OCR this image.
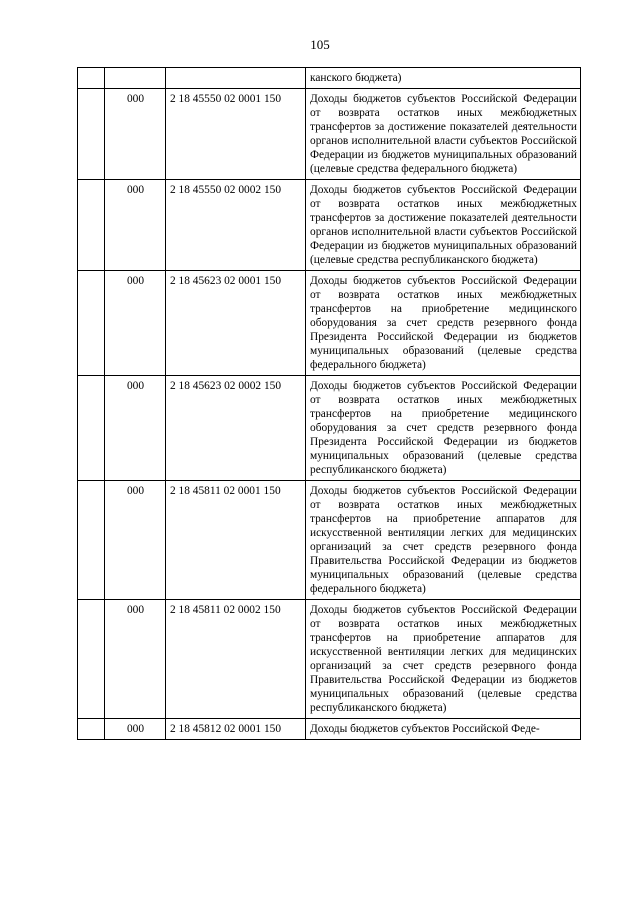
105
			канского бюджета)
	000	2 18 45550 02 0001 150	Доходы бюджетов субъектов Российской Федерации от возврата остатков иных межбюджетных трансфертов за достижение показателей деятельности органов исполнительной власти субъектов Российской Федерации из бюджетов муниципальных образований (целевые средства федерального бюджета)
	000	2 18 45550 02 0002 150	Доходы бюджетов субъектов Российской Федерации от возврата остатков иных межбюджетных трансфертов за достижение показателей деятельности органов исполнительной власти субъектов Российской Федерации из бюджетов муниципальных образований (целевые средства республиканского бюджета)
	000	2 18 45623 02 0001 150	Доходы бюджетов субъектов Российской Федерации от возврата остатков иных межбюджетных трансфертов на приобретение медицинского оборудования за счет средств резервного фонда Президента Российской Федерации из бюджетов муниципальных образований (целевые средства федерального бюджета)
	000	2 18 45623 02 0002 150	Доходы бюджетов субъектов Российской Федерации от возврата остатков иных межбюджетных трансфертов на приобретение медицинского оборудования за счет средств резервного фонда Президента Российской Федерации из бюджетов муниципальных образований (целевые средства республиканского бюджета)
	000	2 18 45811 02 0001 150	Доходы бюджетов субъектов Российской Федерации от возврата остатков иных межбюджетных трансфертов на приобретение аппаратов для искусственной вентиляции легких для медицинских организаций за счет средств резервного фонда Правительства Российской Федерации из бюджетов муниципальных образований (целевые средства федерального бюджета)
	000	2 18 45811 02 0002 150	Доходы бюджетов субъектов Российской Федерации от возврата остатков иных межбюджетных трансфертов на приобретение аппаратов для искусственной вентиляции легких для медицинских организаций за счет средств резервного фонда Правительства Российской Федерации из бюджетов муниципальных образований (целевые средства республиканского бюджета)
	000	2 18 45812 02 0001 150	Доходы бюджетов субъектов Российской Феде-
